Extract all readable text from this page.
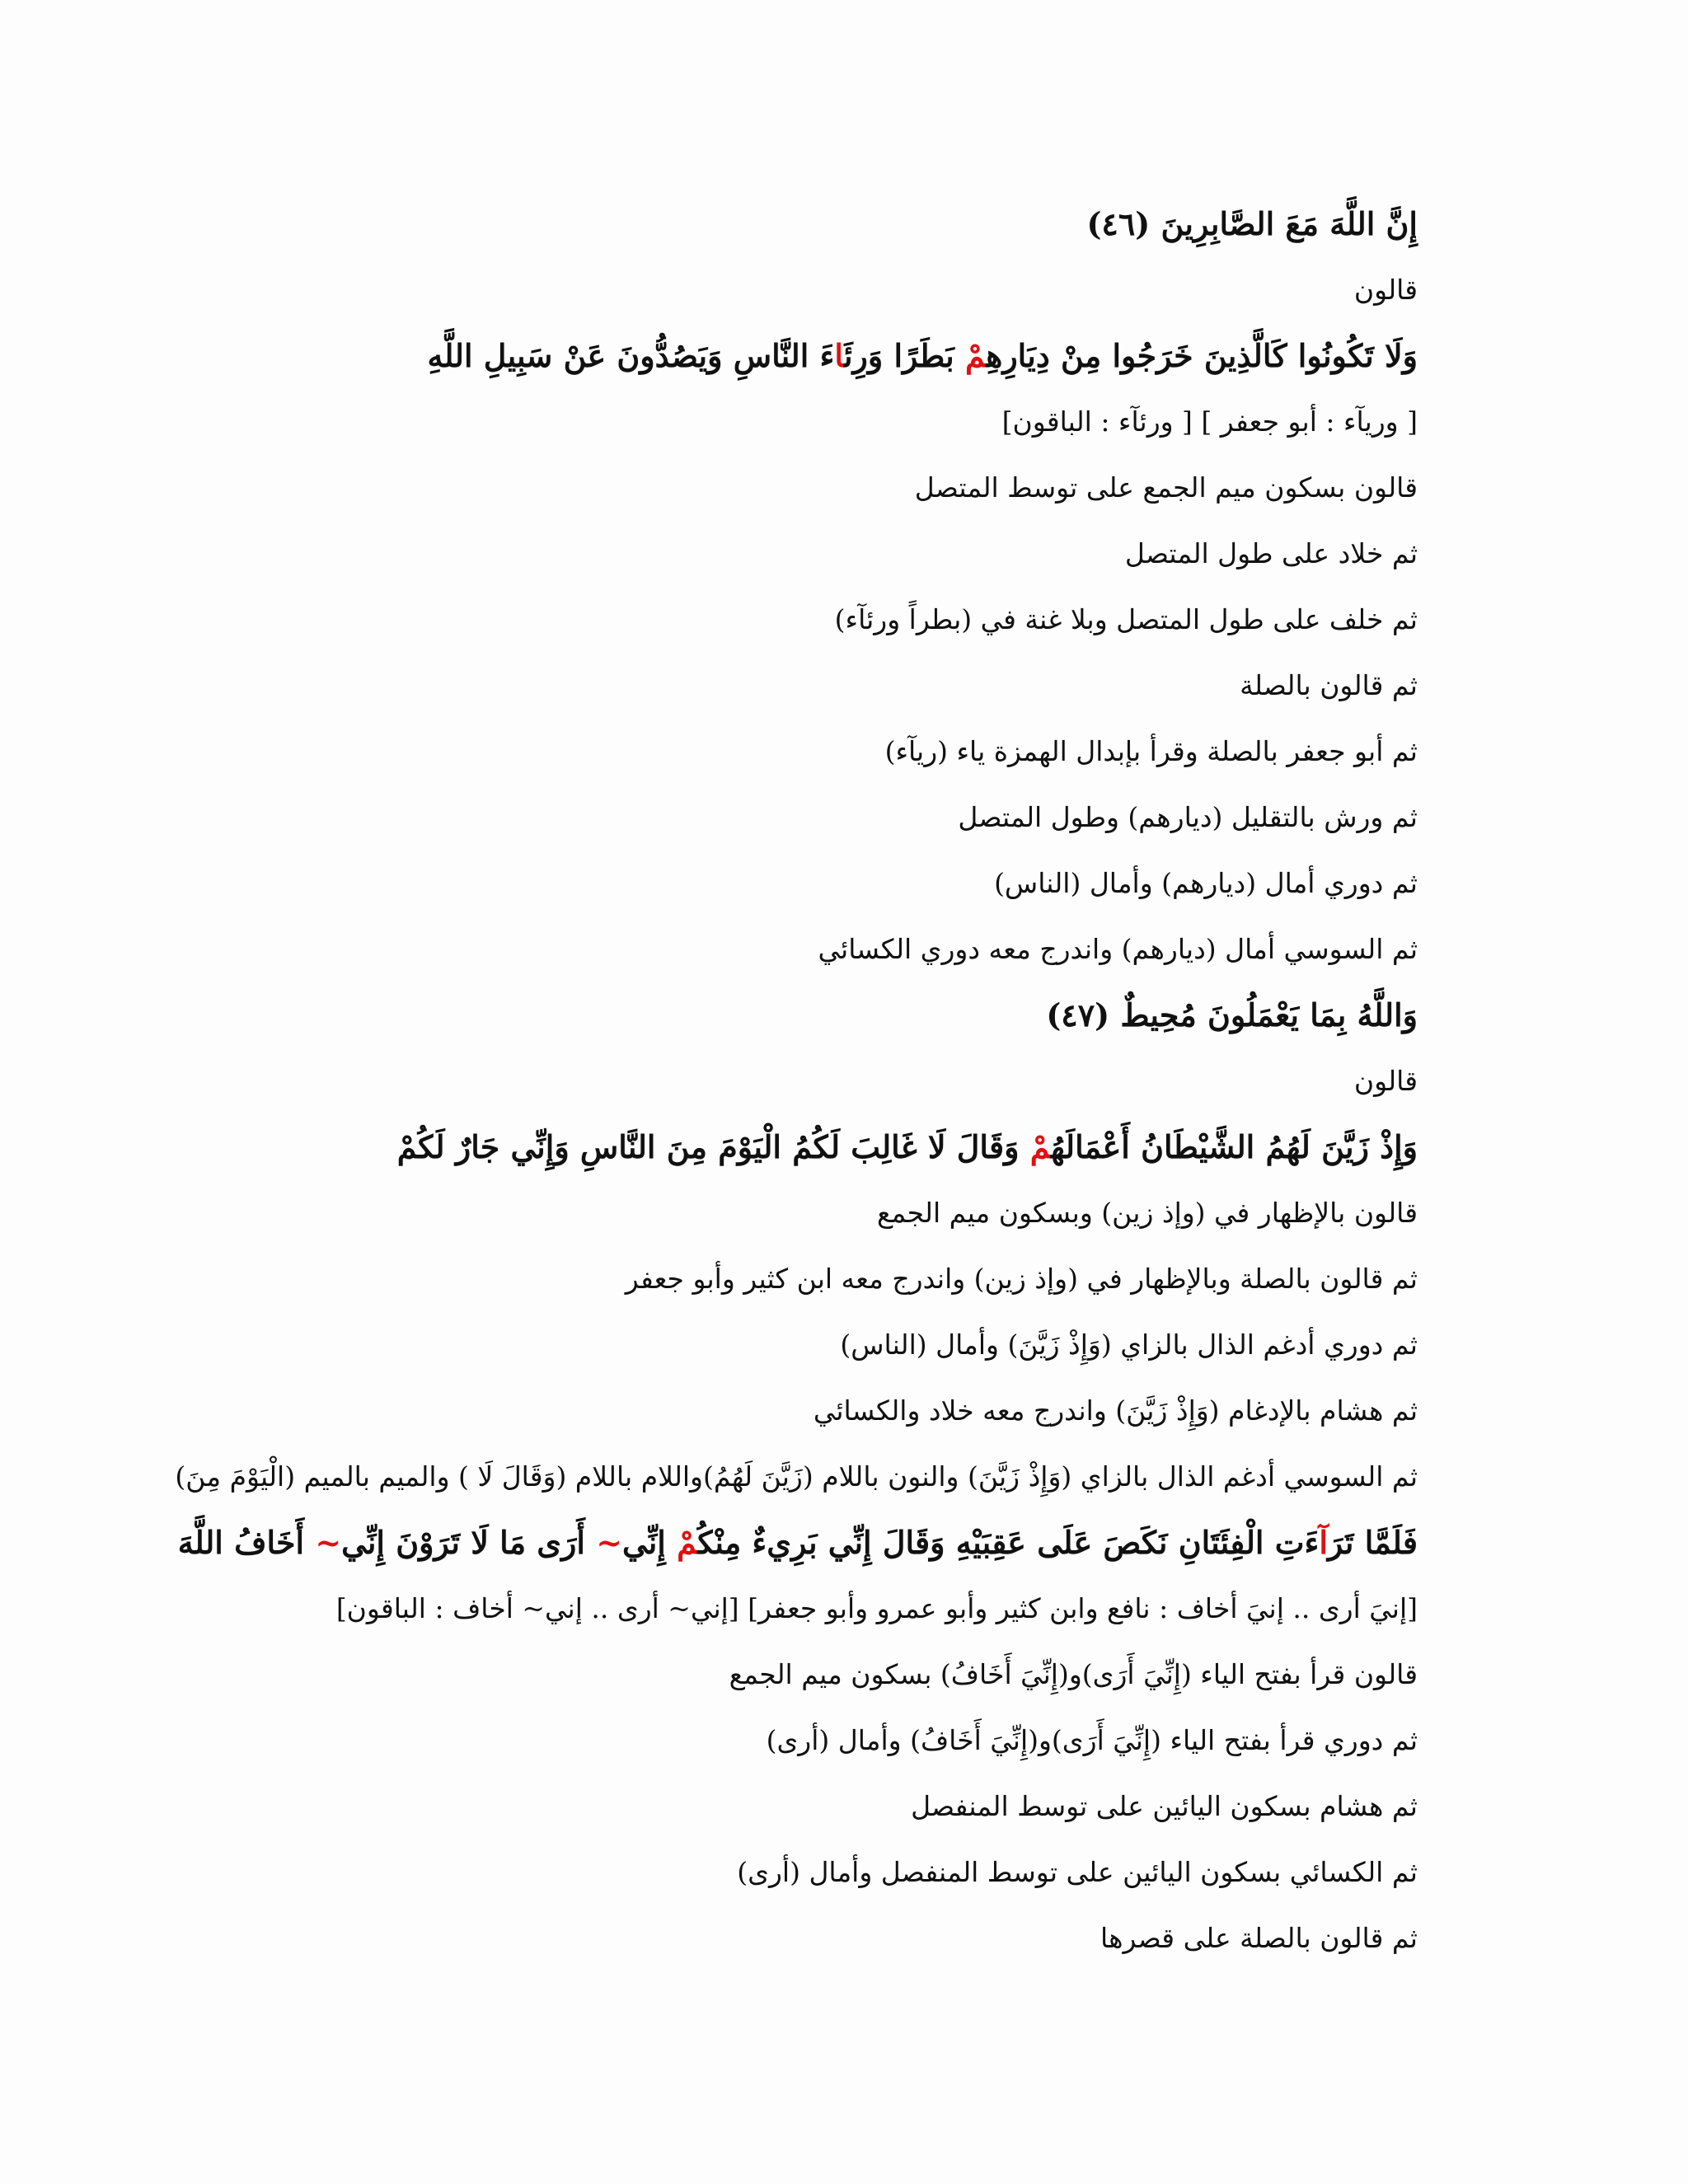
إِنَّ اللَّهَ مَعَ الصَّابِرِينَ (٤٦)
قالون
وَلَا تَكُونُوا كَالَّذِينَ خَرَجُوا مِنْ دِيَارِهِمْ بَطَرًا وَرِئَاءَ النَّاسِ وَيَصُدُّونَ عَنْ سَبِيلِ اللَّهِ
[ وريآء : أبو جعفر ] [ ورئآء : الباقون]
قالون بسكون ميم الجمع على توسط المتصل
ثم خلاد على طول المتصل
ثم خلف على طول المتصل وبلا غنة في (بطراً ورئآء)
ثم قالون بالصلة
ثم أبو جعفر بالصلة وقرأ بإبدال الهمزة ياء (ريآء)
ثم ورش بالتقليل (ديارهم) وطول المتصل
ثم دوري أمال (ديارهم) وأمال (الناس)
ثم السوسي أمال (ديارهم) واندرج معه دوري الكسائي
وَاللَّهُ بِمَا يَعْمَلُونَ مُحِيطٌ (٤٧)
قالون
وَإِذْ زَيَّنَ لَهُمُ الشَّيْطَانُ أَعْمَالَهُمْ وَقَالَ لَا غَالِبَ لَكُمُ الْيَوْمَ مِنَ النَّاسِ وَإِنِّي جَارٌ لَكُمْ
قالون بالإظهار في (وإذ زين) وبسكون ميم الجمع
ثم قالون بالصلة وبالإظهار في (وإذ زين) واندرج معه ابن كثير وأبو جعفر
ثم دوري أدغم الذال بالزاي (وَإِذْ زَيَّنَ) وأمال (الناس)
ثم هشام بالإدغام (وَإِذْ زَيَّنَ) واندرج معه خلاد والكسائي
ثم السوسي أدغم الذال بالزاي (وَإِذْ زَيَّنَ) والنون باللام (زَيَّنَ لَهُمُ)واللام باللام (وَقَالَ لَا ) والميم بالميم (الْيَوْمَ مِنَ)
فَلَمَّا تَرَآءَتِ الْفِئَتَانِ نَكَصَ عَلَى عَقِبَيْهِ وَقَالَ إِنِّي بَرِيءٌ مِنْكُمْ إِنِّي~ أَرَى مَا لَا تَرَوْنَ إِنِّي~ أَخَافُ اللَّهَ
[إنيَ أرى .. إنيَ أخاف : نافع وابن كثير وأبو عمرو وأبو جعفر] [إني~ أرى .. إني~ أخاف : الباقون]
قالون قرأ بفتح الياء (إِنِّيَ أَرَى)و(إِنِّيَ أَخَافُ) بسكون ميم الجمع
ثم دوري قرأ بفتح الياء (إِنِّيَ أَرَى)و(إِنِّيَ أَخَافُ) وأمال (أرى)
ثم هشام بسكون اليائين على توسط المنفصل
ثم الكسائي بسكون اليائين على توسط المنفصل وأمال (أرى)
ثم قالون بالصلة على قصرها
